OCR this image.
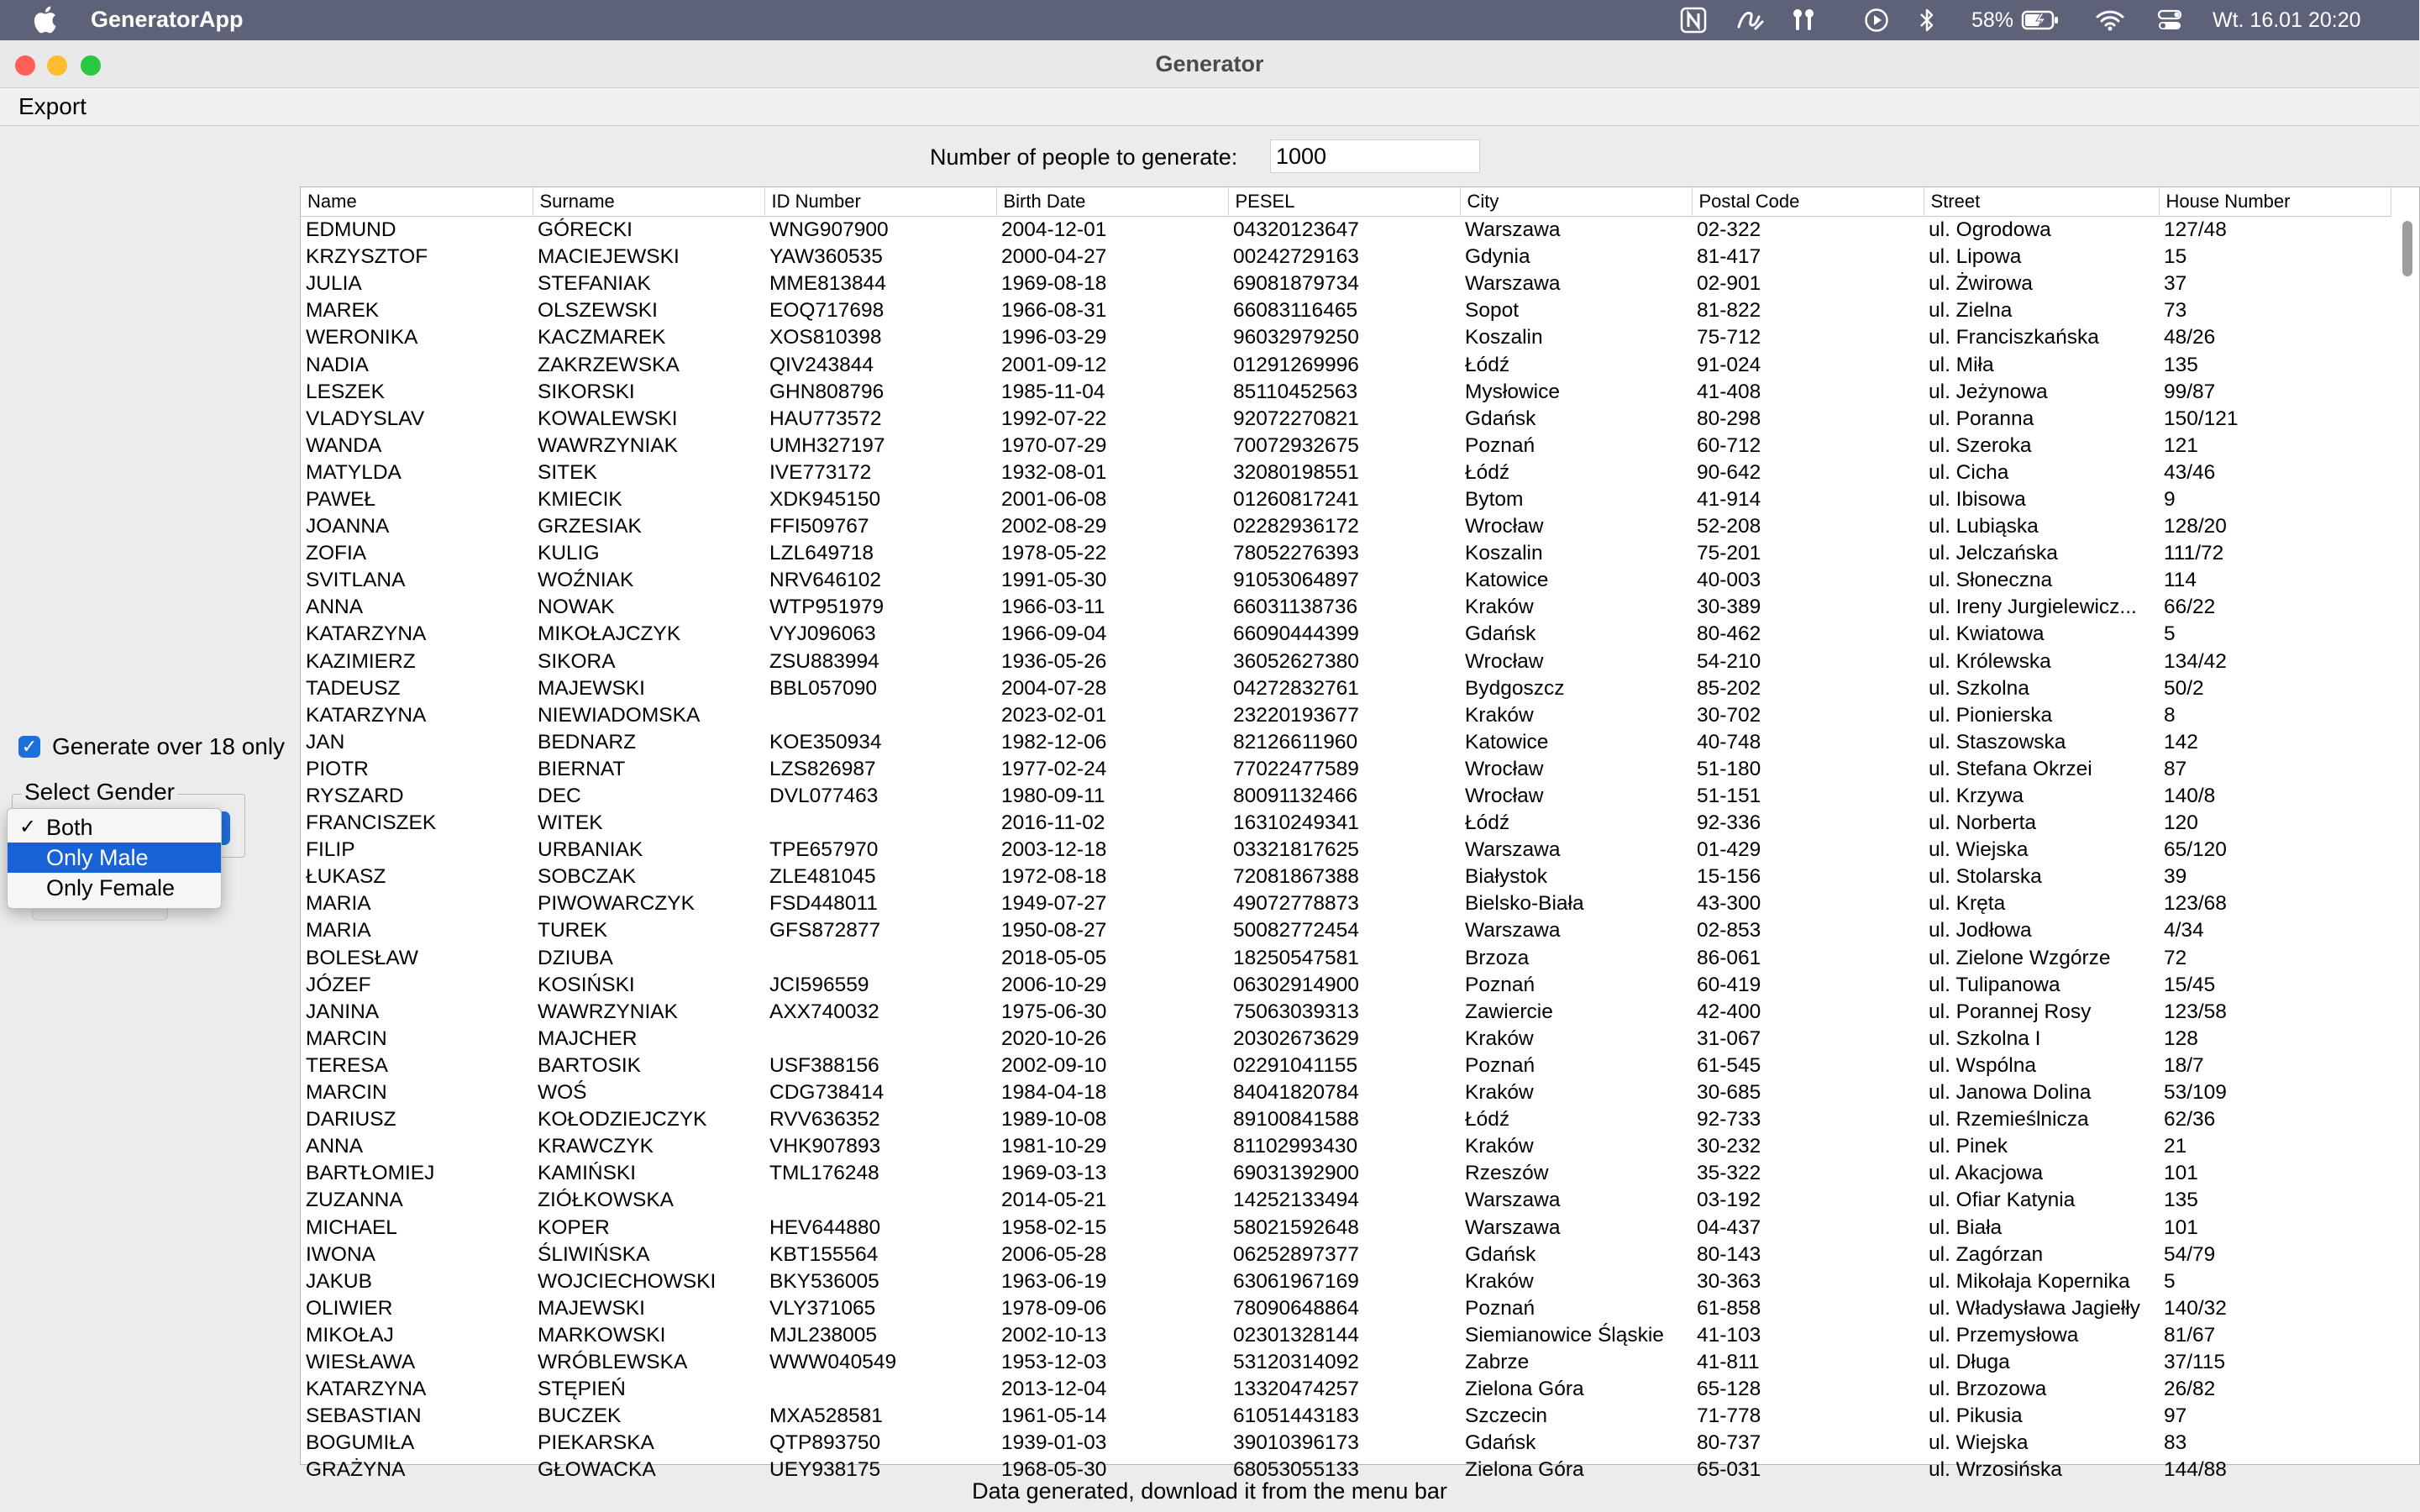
GeneratorApp	58%	Wt. 16.01 20:20
Generator
Export
Number of people to generate:
1000
✓ Generate over 18 only
Select Gender
✓ Both
Only Male
Only Female
Name	Surname	ID Number	Birth Date	PESEL	City	Postal Code	Street	House Number
EDMUND	GÓRECKI	WNG907900	2004-12-01	04320123647	Warszawa	02-322	ul. Ogrodowa	127/48
KRZYSZTOF	MACIEJEWSKI	YAW360535	2000-04-27	00242729163	Gdynia	81-417	ul. Lipowa	15
JULIA	STEFANIAK	MME813844	1969-08-18	69081879734	Warszawa	02-901	ul. Żwirowa	37
MAREK	OLSZEWSKI	EOQ717698	1966-08-31	66083116465	Sopot	81-822	ul. Zielna	73
WERONIKA	KACZMAREK	XOS810398	1996-03-29	96032979250	Koszalin	75-712	ul. Franciszkańska	48/26
NADIA	ZAKRZEWSKA	QIV243844	2001-09-12	01291269996	Łódź	91-024	ul. Miła	135
LESZEK	SIKORSKI	GHN808796	1985-11-04	85110452563	Mysłowice	41-408	ul. Jeżynowa	99/87
VLADYSLAV	KOWALEWSKI	HAU773572	1992-07-22	92072270821	Gdańsk	80-298	ul. Poranna	150/121
WANDA	WAWRZYNIAK	UMH327197	1970-07-29	70072932675	Poznań	60-712	ul. Szeroka	121
MATYLDA	SITEK	IVE773172	1932-08-01	32080198551	Łódź	90-642	ul. Cicha	43/46
PAWEŁ	KMIECIK	XDK945150	2001-06-08	01260817241	Bytom	41-914	ul. Ibisowa	9
JOANNA	GRZESIAK	FFI509767	2002-08-29	02282936172	Wrocław	52-208	ul. Lubiąska	128/20
ZOFIA	KULIG	LZL649718	1978-05-22	78052276393	Koszalin	75-201	ul. Jelczańska	111/72
SVITLANA	WOŹNIAK	NRV646102	1991-05-30	91053064897	Katowice	40-003	ul. Słoneczna	114
ANNA	NOWAK	WTP951979	1966-03-11	66031138736	Kraków	30-389	ul. Ireny Jurgielewicz...	66/22
KATARZYNA	MIKOŁAJCZYK	VYJ096063	1966-09-04	66090444399	Gdańsk	80-462	ul. Kwiatowa	5
KAZIMIERZ	SIKORA	ZSU883994	1936-05-26	36052627380	Wrocław	54-210	ul. Królewska	134/42
TADEUSZ	MAJEWSKI	BBL057090	2004-07-28	04272832761	Bydgoszcz	85-202	ul. Szkolna	50/2
KATARZYNA	NIEWIADOMSKA		2023-02-01	23220193677	Kraków	30-702	ul. Pionierska	8
JAN	BEDNARZ	KOE350934	1982-12-06	82126611960	Katowice	40-748	ul. Staszowska	142
PIOTR	BIERNAT	LZS826987	1977-02-24	77022477589	Wrocław	51-180	ul. Stefana Okrzei	87
RYSZARD	DEC	DVL077463	1980-09-11	80091132466	Wrocław	51-151	ul. Krzywa	140/8
FRANCISZEK	WITEK		2016-11-02	16310249341	Łódź	92-336	ul. Norberta	120
FILIP	URBANIAK	TPE657970	2003-12-18	03321817625	Warszawa	01-429	ul. Wiejska	65/120
ŁUKASZ	SOBCZAK	ZLE481045	1972-08-18	72081867388	Białystok	15-156	ul. Stolarska	39
MARIA	PIWOWARCZYK	FSD448011	1949-07-27	49072778873	Bielsko-Biała	43-300	ul. Kręta	123/68
MARIA	TUREK	GFS872877	1950-08-27	50082772454	Warszawa	02-853	ul. Jodłowa	4/34
BOLESŁAW	DZIUBA		2018-05-05	18250547581	Brzoza	86-061	ul. Zielone Wzgórze	72
JÓZEF	KOSIŃSKI	JCI596559	2006-10-29	06302914900	Poznań	60-419	ul. Tulipanowa	15/45
JANINA	WAWRZYNIAK	AXX740032	1975-06-30	75063039313	Zawiercie	42-400	ul. Porannej Rosy	123/58
MARCIN	MAJCHER		2020-10-26	20302673629	Kraków	31-067	ul. Szkolna I	128
TERESA	BARTOSIK	USF388156	2002-09-10	02291041155	Poznań	61-545	ul. Wspólna	18/7
MARCIN	WOŚ	CDG738414	1984-04-18	84041820784	Kraków	30-685	ul. Janowa Dolina	53/109
DARIUSZ	KOŁODZIEJCZYK	RVV636352	1989-10-08	89100841588	Łódź	92-733	ul. Rzemieślnicza	62/36
ANNA	KRAWCZYK	VHK907893	1981-10-29	81102993430	Kraków	30-232	ul. Pinek	21
BARTŁOMIEJ	KAMIŃSKI	TML176248	1969-03-13	69031392900	Rzeszów	35-322	ul. Akacjowa	101
ZUZANNA	ZIÓŁKOWSKA		2014-05-21	14252133494	Warszawa	03-192	ul. Ofiar Katynia	135
MICHAEL	KOPER	HEV644880	1958-02-15	58021592648	Warszawa	04-437	ul. Biała	101
IWONA	ŚLIWIŃSKA	KBT155564	2006-05-28	06252897377	Gdańsk	80-143	ul. Zagórzan	54/79
JAKUB	WOJCIECHOWSKI	BKY536005	1963-06-19	63061967169	Kraków	30-363	ul. Mikołaja Kopernika	5
OLIWIER	MAJEWSKI	VLY371065	1978-09-06	78090648864	Poznań	61-858	ul. Władysława Jagiełły	140/32
MIKOŁAJ	MARKOWSKI	MJL238005	2002-10-13	02301328144	Siemianowice Śląskie	41-103	ul. Przemysłowa	81/67
WIESŁAWA	WRÓBLEWSKA	WWW040549	1953-12-03	53120314092	Zabrze	41-811	ul. Długa	37/115
KATARZYNA	STĘPIEŃ		2013-12-04	13320474257	Zielona Góra	65-128	ul. Brzozowa	26/82
SEBASTIAN	BUCZEK	MXA528581	1961-05-14	61051443183	Szczecin	71-778	ul. Pikusia	97
BOGUMIŁA	PIEKARSKA	QTP893750	1939-01-03	39010396173	Gdańsk	80-737	ul. Wiejska	83
GRAŻYNA	GŁOWACKA	UEY938175	1968-05-30	68053055133	Zielona Góra	65-031	ul. Wrzosińska	144/88
Data generated, download it from the menu bar
